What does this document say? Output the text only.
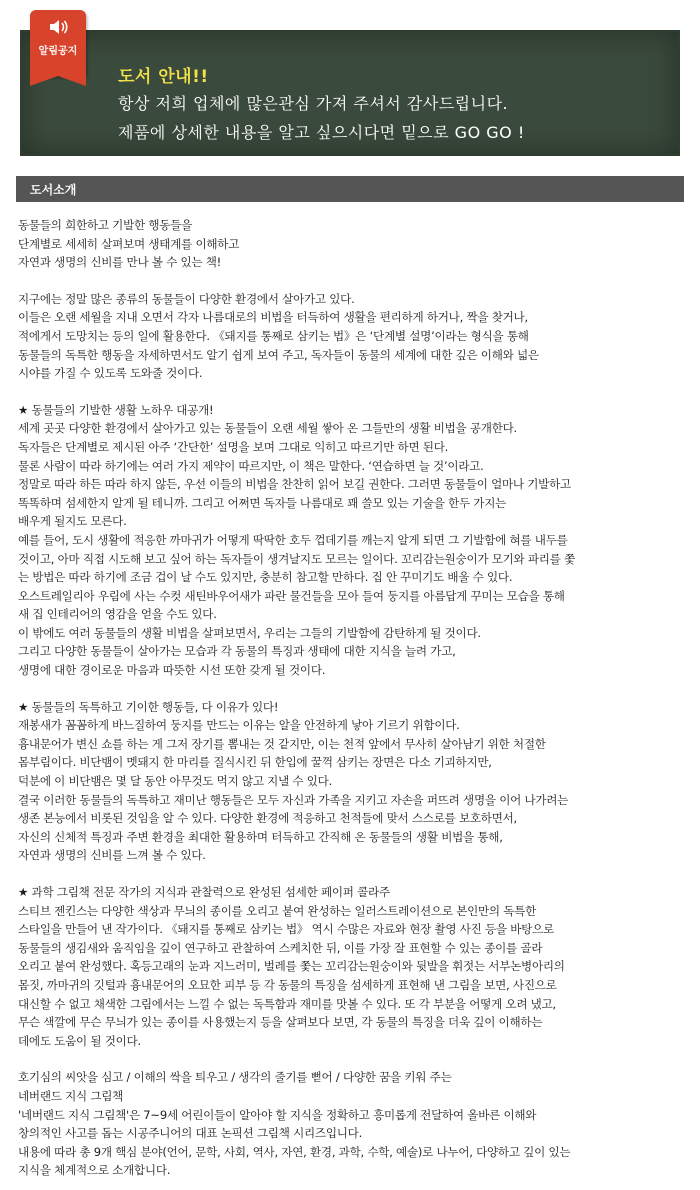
알림공지
도서 안내!!
항상 저희 업체에 많은관심 가져 주셔서 감사드립니다.
제품에 상세한 내용을 알고 싶으시다면 밑으로 GO GO !
도서소개
동물들의 희한하고 기발한 행동들을
단계별로 세세히 살펴보며 생태계를 이해하고
자연과 생명의 신비를 만나 볼 수 있는 책!
지구에는 정말 많은 종류의 동물들이 다양한 환경에서 살아가고 있다.
이들은 오랜 세월을 지내 오면서 각자 나름대로의 비법을 터득하여 생활을 편리하게 하거나, 짝을 찾거나,
적에게서 도망치는 등의 일에 활용한다. 《돼지를 통째로 삼키는 법》은 ‘단계별 설명’이라는 형식을 통해
동물들의 독특한 행동을 자세하면서도 알기 쉽게 보여 주고, 독자들이 동물의 세계에 대한 깊은 이해와 넓은
시야를 가질 수 있도록 도와줄 것이다.
★ 동물들의 기발한 생활 노하우 대공개!
세계 곳곳 다양한 환경에서 살아가고 있는 동물들이 오랜 세월 쌓아 온 그들만의 생활 비법을 공개한다.
독자들은 단계별로 제시된 아주 ‘간단한’ 설명을 보며 그대로 익히고 따르기만 하면 된다.
물론 사람이 따라 하기에는 여러 가지 제약이 따르지만, 이 책은 말한다. ‘연습하면 늘 것’이라고.
정말로 따라 하든 따라 하지 않든, 우선 이들의 비법을 찬찬히 읽어 보길 권한다. 그러면 동물들이 얼마나 기발하고
똑똑하며 섬세한지 알게 될 테니까. 그리고 어쩌면 독자들 나름대로 꽤 쓸모 있는 기술을 한두 가지는
배우게 될지도 모른다.
예를 들어, 도시 생활에 적응한 까마귀가 어떻게 딱딱한 호두 껍데기를 깨는지 알게 되면 그 기발함에 혀를 내두를
것이고, 아마 직접 시도해 보고 싶어 하는 독자들이 생겨날지도 모르는 일이다. 꼬리감는원숭이가 모기와 파리를 쫓
는 방법은 따라 하기에 조금 겁이 날 수도 있지만, 충분히 참고할 만하다. 집 안 꾸미기도 배울 수 있다.
오스트레일리아 우림에 사는 수컷 새틴바우어새가 파란 물건들을 모아 들여 둥지를 아름답게 꾸미는 모습을 통해
새 집 인테리어의 영감을 얻을 수도 있다.
이 밖에도 여러 동물들의 생활 비법을 살펴보면서, 우리는 그들의 기발함에 감탄하게 될 것이다.
그리고 다양한 동물들이 살아가는 모습과 각 동물의 특징과 생태에 대한 지식을 늘려 가고,
생명에 대한 경이로운 마음과 따뜻한 시선 또한 갖게 될 것이다.
★ 동물들의 독특하고 기이한 행동들, 다 이유가 있다!
재봉새가 꼼꼼하게 바느질하여 둥지를 만드는 이유는 알을 안전하게 낳아 기르기 위함이다.
흉내문어가 변신 쇼를 하는 게 그저 장기를 뽐내는 것 같지만, 이는 천적 앞에서 무사히 살아남기 위한 처절한
몸부림이다. 비단뱀이 멧돼지 한 마리를 질식시킨 뒤 한입에 꿀꺽 삼키는 장면은 다소 기괴하지만,
덕분에 이 비단뱀은 몇 달 동안 아무것도 먹지 않고 지낼 수 있다.
결국 이러한 동물들의 독특하고 재미난 행동들은 모두 자신과 가족을 지키고 자손을 퍼뜨려 생명을 이어 나가려는
생존 본능에서 비롯된 것임을 알 수 있다. 다양한 환경에 적응하고 천적들에 맞서 스스로를 보호하면서,
자신의 신체적 특징과 주변 환경을 최대한 활용하며 터득하고 간직해 온 동물들의 생활 비법을 통해,
자연과 생명의 신비를 느껴 볼 수 있다.
★ 과학 그림책 전문 작가의 지식과 관찰력으로 완성된 섬세한 페이퍼 콜라주
스티브 젠킨스는 다양한 색상과 무늬의 종이를 오리고 붙여 완성하는 일러스트레이션으로 본인만의 독특한
스타일을 만들어 낸 작가이다. 《돼지를 통째로 삼키는 법》 역시 수많은 자료와 현장 촬영 사진 등을 바탕으로
동물들의 생김새와 움직임을 깊이 연구하고 관찰하여 스케치한 뒤, 이를 가장 잘 표현할 수 있는 종이를 골라
오리고 붙여 완성했다. 혹등고래의 눈과 지느러미, 벌레를 쫓는 꼬리감는원숭이와 뒷발을 휘젓는 서부논병아리의
몸짓, 까마귀의 깃털과 흉내문어의 오묘한 피부 등 각 동물의 특징을 섬세하게 표현해 낸 그림을 보면, 사진으로
대신할 수 없고 채색한 그림에서는 느낄 수 없는 독특함과 재미를 맛볼 수 있다. 또 각 부분을 어떻게 오려 냈고,
무슨 색깔에 무슨 무늬가 있는 종이를 사용했는지 등을 살펴보다 보면, 각 동물의 특징을 더욱 깊이 이해하는
데에도 도움이 될 것이다.
호기심의 씨앗을 심고 / 이해의 싹을 틔우고 / 생각의 줄기를 뻗어 / 다양한 꿈을 키워 주는
네버랜드 지식 그림책
'네버랜드 지식 그림책'은 7~9세 어린이들이 알아야 할 지식을 정확하고 흥미롭게 전달하여 올바른 이해와
창의적인 사고를 돕는 시공주니어의 대표 논픽션 그림책 시리즈입니다.
내용에 따라 총 9개 핵심 분야(언어, 문학, 사회, 역사, 자연, 환경, 과학, 수학, 예술)로 나누어, 다양하고 깊이 있는
지식을 체계적으로 소개합니다.
